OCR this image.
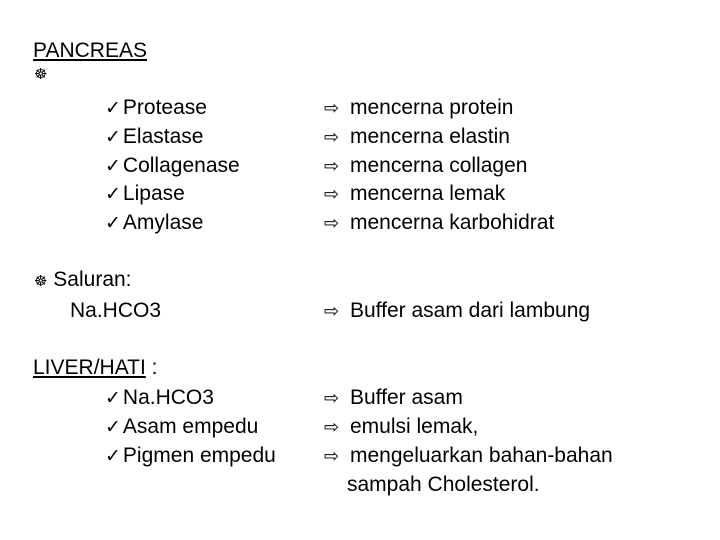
PANCREAS
☸
✓Protease
✓Elastase
✓Collagenase
✓Lipase
✓Amylase
⇨ mencerna protein
⇨ mencerna elastin
⇨ mencerna collagen
⇨ mencerna lemak
⇨ mencerna karbohidrat
☸ Saluran:
Na.HCO3	⇨ Buffer asam dari lambung
LIVER/HATI :
✓Na.HCO3
✓Asam empedu
✓Pigmen empedu
⇨ Buffer asam
⇨ emulsi lemak,
⇨ mengeluarkan bahan-bahan
sampah Cholesterol.
